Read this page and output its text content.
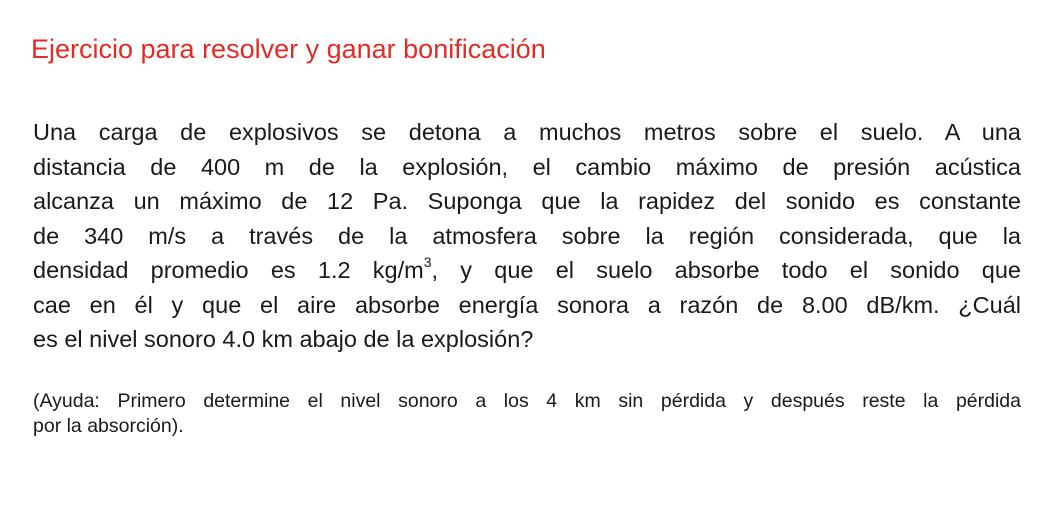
Ejercicio para resolver y ganar bonificación
Una carga de explosivos se detona a muchos metros sobre el suelo. A una
distancia de 400 m de la explosión, el cambio máximo de presión acústica
alcanza un máximo de 12 Pa. Suponga que la rapidez del sonido es constante
de 340 m/s a través de la atmosfera sobre la región considerada, que la
densidad promedio es 1.2 $kg/m^3$, y que el suelo absorbe todo el sonido que
cae en él y que el aire absorbe energía sonora a razón de 8.00 dB/km. ¿Cuál
es el nivel sonoro 4.0 km abajo de la explosión?
(Ayuda: Primero determine el nivel sonoro a los 4 km sin pérdida y después reste la pérdida
por la absorción).
